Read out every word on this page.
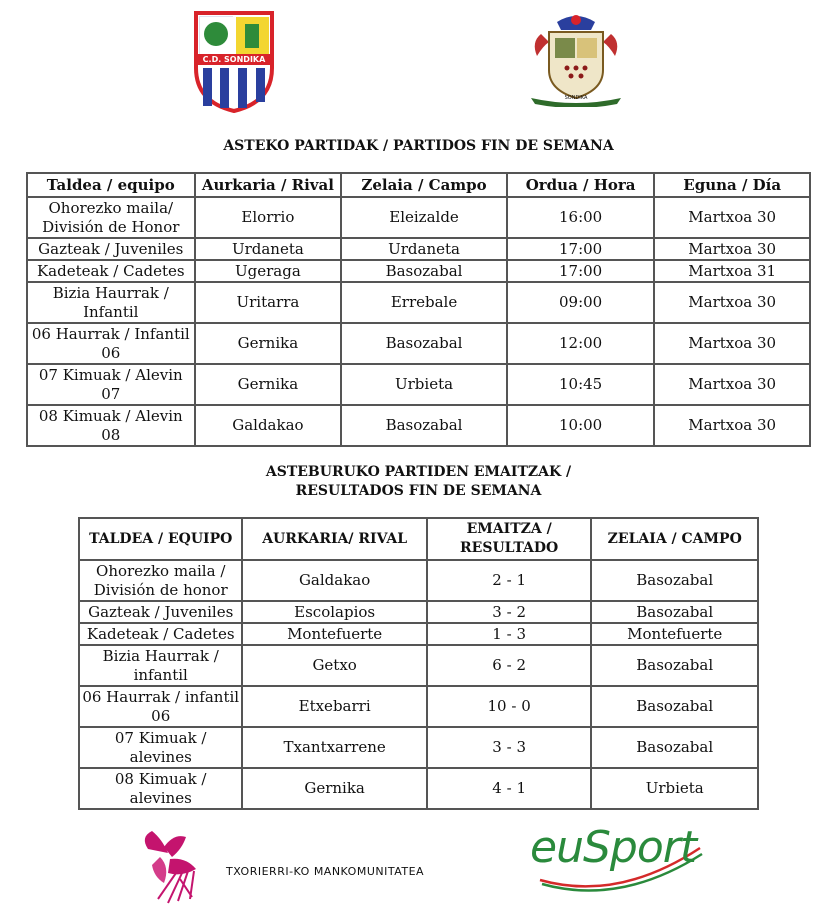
C.D. SONDIKA
SONDIKA
ASTEKO PARTIDAK / PARTIDOS FIN DE SEMANA
Taldea / equipo	Aurkaria / Rival	Zelaia / Campo	Ordua / Hora	Eguna / Día
Ohorezko maila/ División de Honor	Elorrio	Eleizalde	16:00	Martxoa 30
Gazteak / Juveniles	Urdaneta	Urdaneta	17:00	Martxoa 30
Kadeteak / Cadetes	Ugeraga	Basozabal	17:00	Martxoa 31
Bizia Haurrak / Infantil	Uritarra	Errebale	09:00	Martxoa 30
06 Haurrak / Infantil 06	Gernika	Basozabal	12:00	Martxoa 30
07 Kimuak / Alevin 07	Gernika	Urbieta	10:45	Martxoa 30
08 Kimuak / Alevin 08	Galdakao	Basozabal	10:00	Martxoa 30
ASTEBURUKO PARTIDEN EMAITZAK /
RESULTADOS FIN DE SEMANA
TALDEA / EQUIPO	AURKARIA/ RIVAL	EMAITZA / RESULTADO	ZELAIA / CAMPO
Ohorezko maila / División de honor	Galdakao	2 - 1	Basozabal
Gazteak / Juveniles	Escolapios	3 - 2	Basozabal
Kadeteak / Cadetes	Montefuerte	1 - 3	Montefuerte
Bizia Haurrak / infantil	Getxo	6 - 2	Basozabal
06 Haurrak / infantil 06	Etxebarri	10 - 0	Basozabal
07 Kimuak / alevines	Txantxarrene	3 - 3	Basozabal
08 Kimuak / alevines	Gernika	4 - 1	Urbieta
TXORIERRI-KO MANKOMUNITATEA	euSport
